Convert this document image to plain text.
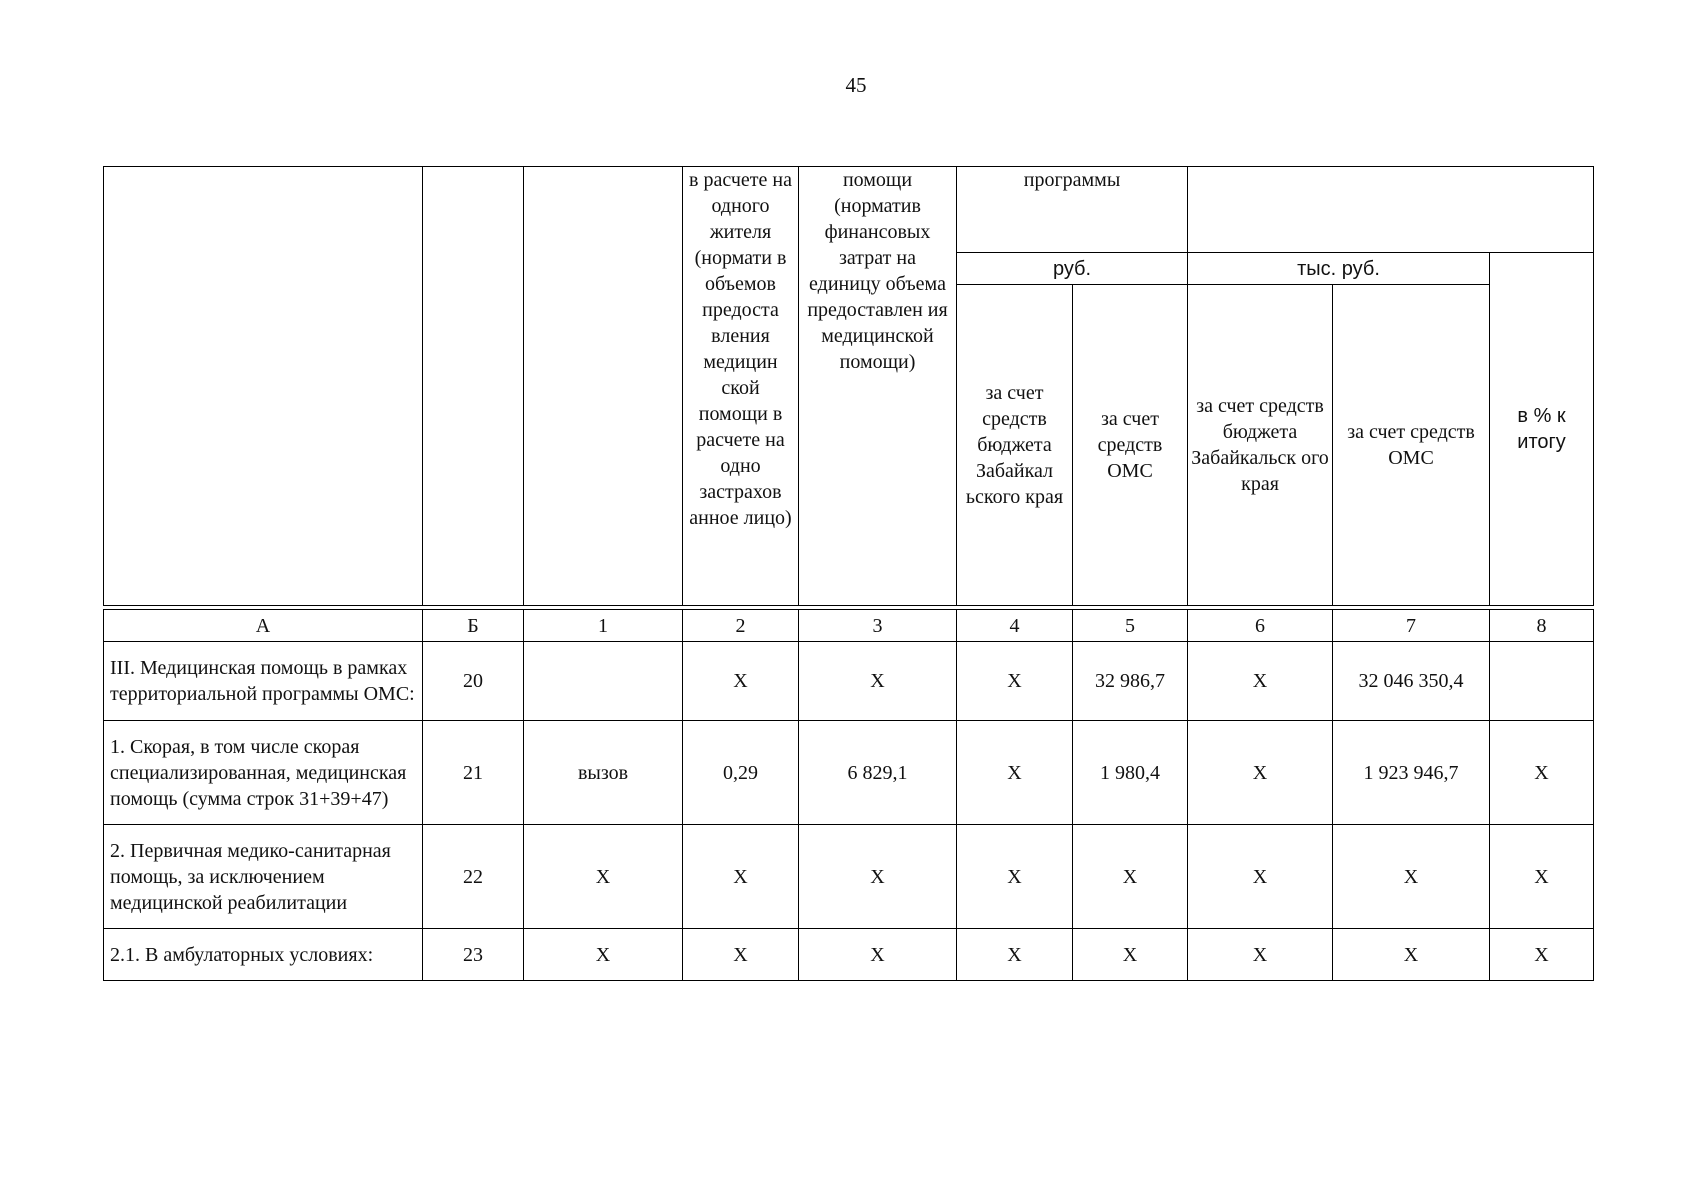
45
			в расчете на одного жителя (нормати в объемов предоста вления медицин ской помощи в расчете на одно застрахов анное лицо)	помощи (норматив финансовых затрат на единицу объема предоставлен ия медицинской помощи)	программы				
					руб.		тыс. руб.		в % к итогу
					за счет средств бюджета Забайкал ьского края	за счет средств ОМС	за счет средств бюджета Забайкальск ого края	за счет средств ОМС	
А	Б	1	2	3	4	5	6	7	8
III. Медицинская помощь в рамках территориальной программы ОМС:	20		X	X	X	32 986,7	X	32 046 350,4	
1. Скорая, в том числе скорая специализированная, медицинская помощь (сумма строк 31+39+47)	21	вызов	0,29	6 829,1	X	1 980,4	X	1 923 946,7	X
2. Первичная медико-санитарная помощь, за исключением медицинской реабилитации	22	X	X	X	X	X	X	X	X
2.1. В амбулаторных условиях:	23	X	X	X	X	X	X	X	X
